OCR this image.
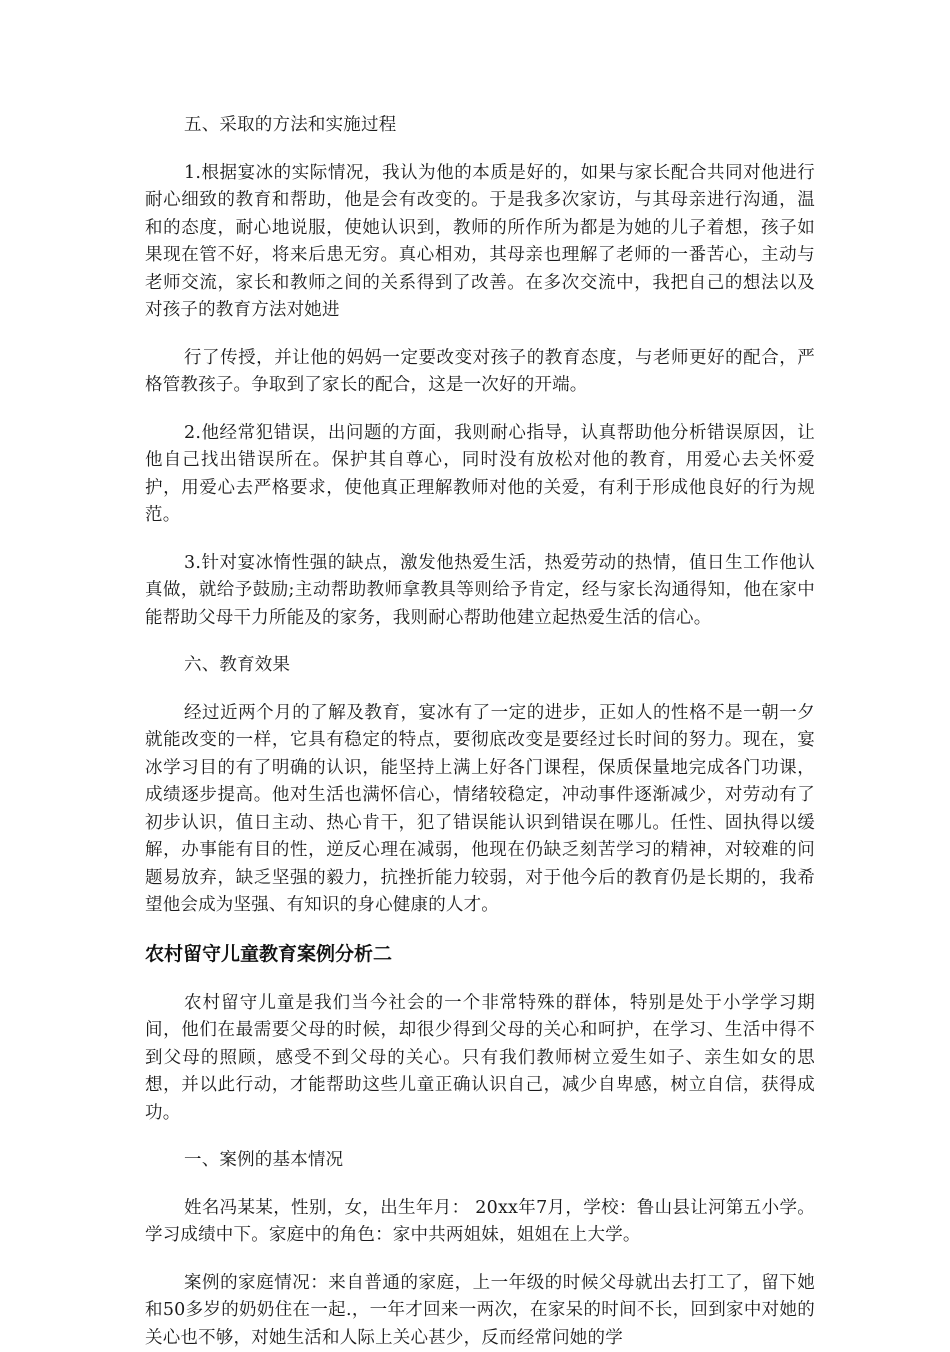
五、采取的方法和实施过程

1.根据宴冰的实际情况，我认为他的本质是好的，如果与家长配合共同对他进行耐心细致的教育和帮助，他是会有改变的。于是我多次家访，与其母亲进行沟通，温和的态度，耐心地说服，使她认识到，教师的所作所为都是为她的儿子着想，孩子如果现在管不好，将来后患无穷。真心相劝，其母亲也理解了老师的一番苦心，主动与老师交流，家长和教师之间的关系得到了改善。在多次交流中，我把自己的想法以及对孩子的教育方法对她进

行了传授，并让他的妈妈一定要改变对孩子的教育态度，与老师更好的配合，严格管教孩子。争取到了家长的配合，这是一次好的开端。

2.他经常犯错误，出问题的方面，我则耐心指导，认真帮助他分析错误原因，让他自己找出错误所在。保护其自尊心，同时没有放松对他的教育，用爱心去关怀爱护，用爱心去严格要求，使他真正理解教师对他的关爱，有利于形成他良好的行为规范。

3.针对宴冰惰性强的缺点，激发他热爱生活，热爱劳动的热情，值日生工作他认真做，就给予鼓励;主动帮助教师拿教具等则给予肯定，经与家长沟通得知，他在家中能帮助父母干力所能及的家务，我则耐心帮助他建立起热爱生活的信心。

六、教育效果

经过近两个月的了解及教育，宴冰有了一定的进步，正如人的性格不是一朝一夕就能改变的一样，它具有稳定的特点，要彻底改变是要经过长时间的努力。现在，宴冰学习目的有了明确的认识，能坚持上满上好各门课程，保质保量地完成各门功课，成绩逐步提高。他对生活也满怀信心，情绪较稳定，冲动事件逐渐减少，对劳动有了初步认识，值日主动、热心肯干，犯了错误能认识到错误在哪儿。任性、固执得以缓解，办事能有目的性，逆反心理在减弱，他现在仍缺乏刻苦学习的精神，对较难的问题易放弃，缺乏坚强的毅力，抗挫折能力较弱，对于他今后的教育仍是长期的，我希望他会成为坚强、有知识的身心健康的人才。

农村留守儿童教育案例分析二

农村留守儿童是我们当今社会的一个非常特殊的群体，特别是处于小学学习期间，他们在最需要父母的时候，却很少得到父母的关心和呵护，在学习、生活中得不到父母的照顾，感受不到父母的关心。只有我们教师树立爱生如子、亲生如女的思想，并以此行动，才能帮助这些儿童正确认识自己，减少自卑感，树立自信，获得成功。

一、案例的基本情况

姓名冯某某，性别，女，出生年月： 20xx年7月，学校：鲁山县让河第五小学。学习成绩中下。家庭中的角色：家中共两姐妹，姐姐在上大学。

案例的家庭情况：来自普通的家庭，上一年级的时候父母就出去打工了，留下她和50多岁的奶奶住在一起.，一年才回来一两次，在家呆的时间不长，回到家中对她的关心也不够，对她生活和人际上关心甚少，反而经常问她的学
